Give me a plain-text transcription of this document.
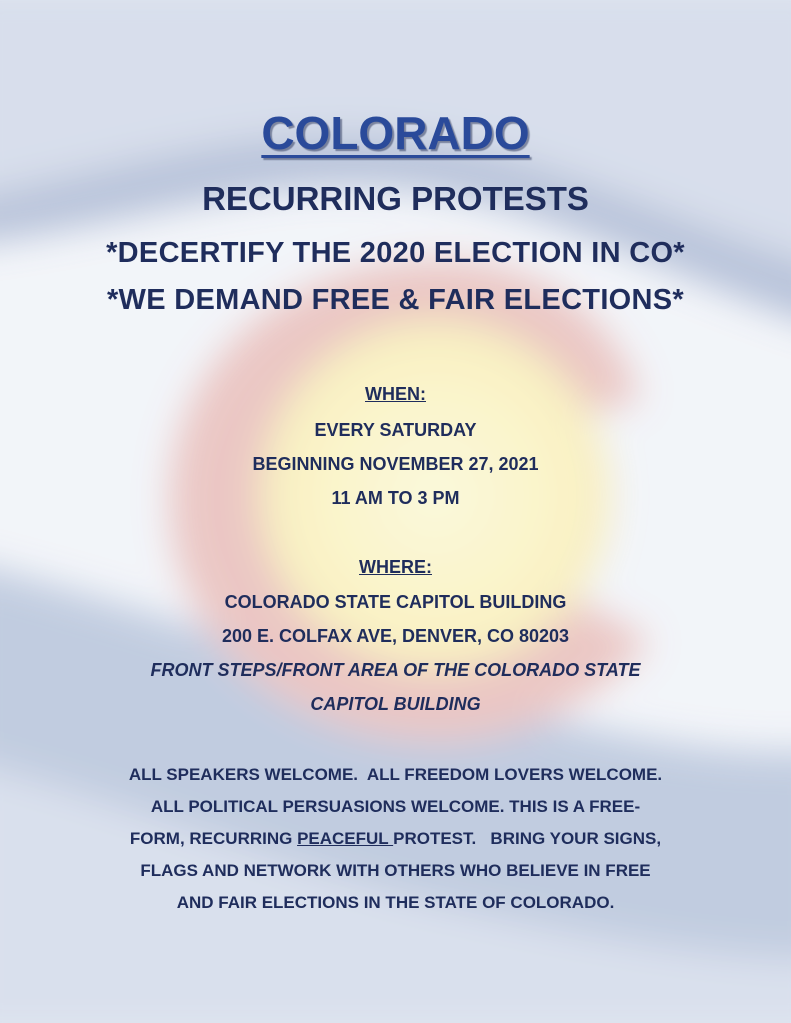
COLORADO
RECURRING PROTESTS
*DECERTIFY THE 2020 ELECTION IN CO*
*WE DEMAND FREE & FAIR ELECTIONS*
WHEN:
EVERY SATURDAY
BEGINNING NOVEMBER 27, 2021
11 AM TO 3 PM
WHERE:
COLORADO STATE CAPITOL BUILDING
200 E. COLFAX AVE, DENVER, CO 80203
FRONT STEPS/FRONT AREA OF THE COLORADO STATE
CAPITOL BUILDING
ALL SPEAKERS WELCOME.  ALL FREEDOM LOVERS WELCOME.
ALL POLITICAL PERSUASIONS WELCOME. THIS IS A FREE-
FORM, RECURRING PEACEFUL PROTEST.   BRING YOUR SIGNS,
FLAGS AND NETWORK WITH OTHERS WHO BELIEVE IN FREE
AND FAIR ELECTIONS IN THE STATE OF COLORADO.
